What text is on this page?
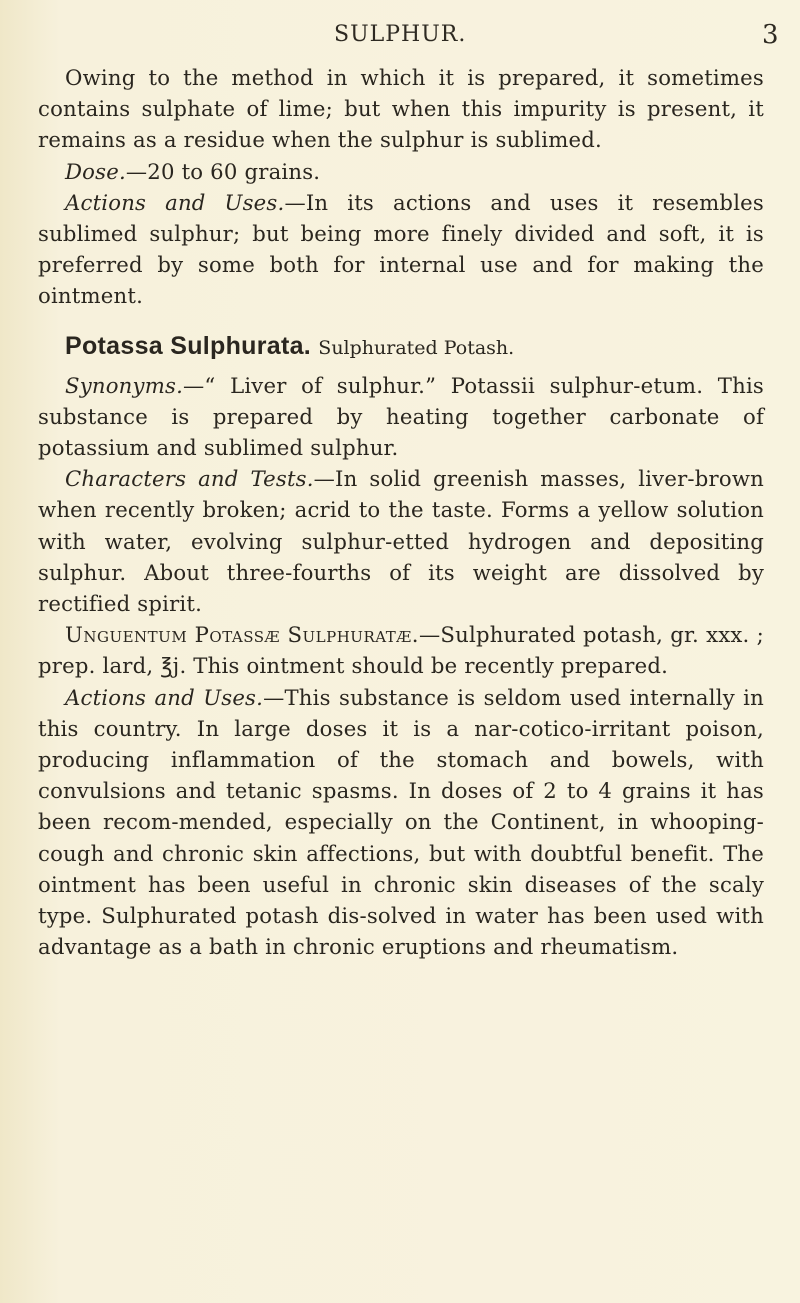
SULPHUR.	3

Owing to the method in which it is prepared, it sometimes contains sulphate of lime; but when this impurity is present, it remains as a residue when the sulphur is sublimed.

Dose.—20 to 60 grains.

Actions and Uses.—In its actions and uses it resembles sublimed sulphur; but being more finely divided and soft, it is preferred by some both for internal use and for making the ointment.

Potassa Sulphurata. Sulphurated Potash.

Synonyms.—“ Liver of sulphur.” Potassii sulphur-etum. This substance is prepared by heating together carbonate of potassium and sublimed sulphur.

Characters and Tests.—In solid greenish masses, liver-brown when recently broken; acrid to the taste. Forms a yellow solution with water, evolving sulphur-etted hydrogen and depositing sulphur. About three-fourths of its weight are dissolved by rectified spirit.

Unguentum Potassæ Sulphuratæ.—Sulphurated potash, gr. xxx. ; prep. lard, ℥j. This ointment should be recently prepared.

Actions and Uses.—This substance is seldom used internally in this country. In large doses it is a nar-cotico-irritant poison, producing inflammation of the stomach and bowels, with convulsions and tetanic spasms. In doses of 2 to 4 grains it has been recom-mended, especially on the Continent, in whooping-cough and chronic skin affections, but with doubtful benefit. The ointment has been useful in chronic skin diseases of the scaly type. Sulphurated potash dis-solved in water has been used with advantage as a bath in chronic eruptions and rheumatism.
